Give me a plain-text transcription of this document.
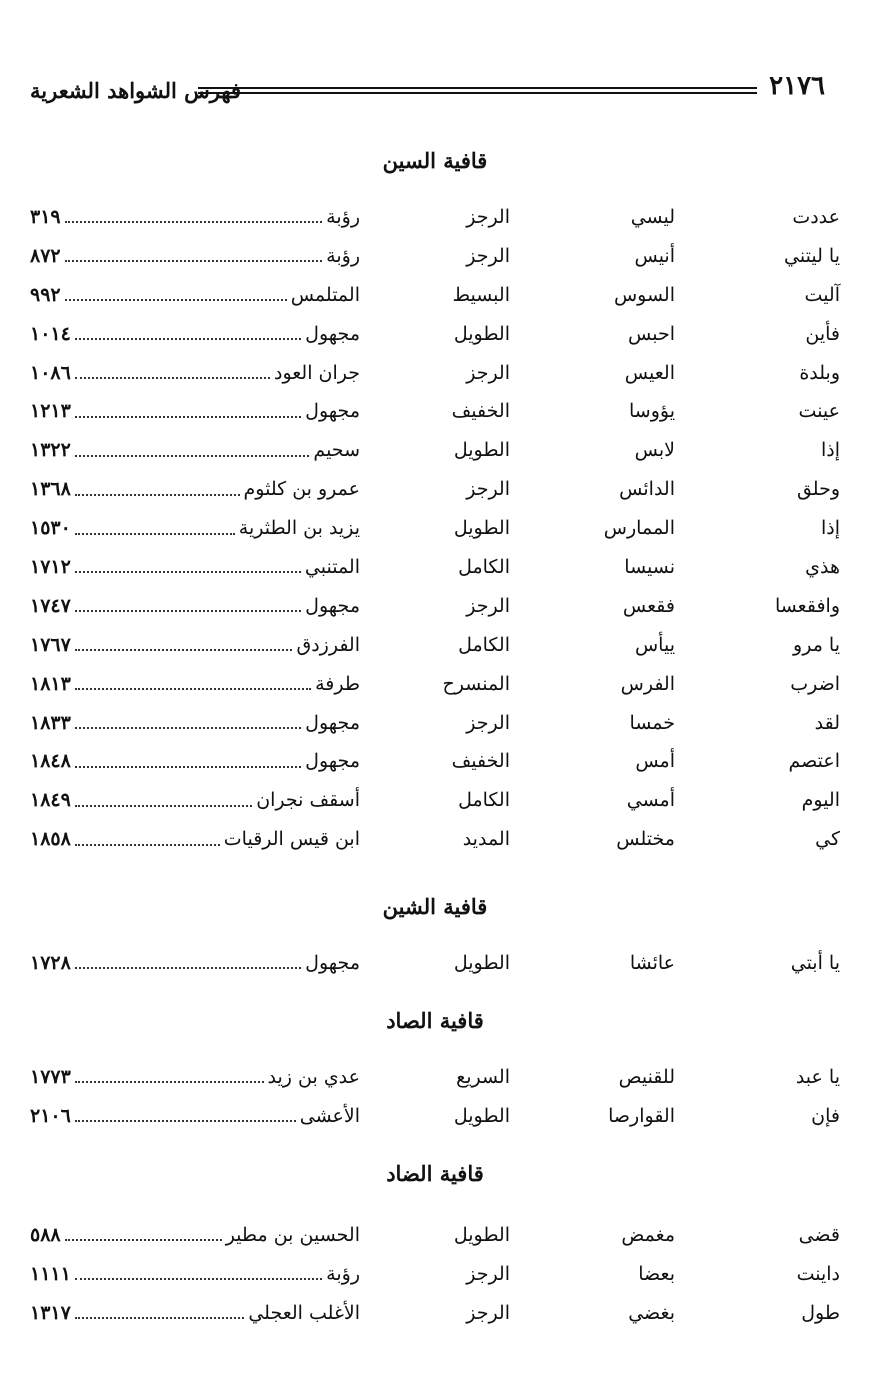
٢١٧٦
فهرس الشواهد الشعرية
قافية السين
عددت
ليسي
الرجز
رؤبة
٣١٩
يا ليتني
أنيس
الرجز
رؤبة
٨٧٢
آليت
السوس
البسيط
المتلمس
٩٩٢
فأين
احبس
الطويل
مجهول
١٠١٤
وبلدة
العيس
الرجز
جران العود
١٠٨٦
عينت
يؤوسا
الخفيف
مجهول
١٢١٣
إذا
لابس
الطويل
سحيم
١٣٢٢
وحلق
الدائس
الرجز
عمرو بن كلثوم
١٣٦٨
إذا
الممارس
الطويل
يزيد بن الطثرية
١٥٣٠
هذي
نسيسا
الكامل
المتنبي
١٧١٢
وافقعسا
فقعس
الرجز
مجهول
١٧٤٧
يا مرو
ييأس
الكامل
الفرزدق
١٧٦٧
اضرب
الفرس
المنسرح
طرفة
١٨١٣
لقد
خمسا
الرجز
مجهول
١٨٣٣
اعتصم
أمس
الخفيف
مجهول
١٨٤٨
اليوم
أمسي
الكامل
أسقف نجران
١٨٤٩
كي
مختلس
المديد
ابن قيس الرقيات
١٨٥٨
قافية الشين
يا أبتي
عائشا
الطويل
مجهول
١٧٢٨
قافية الصاد
يا عبد
للقنيص
السريع
عدي بن زيد
١٧٧٣
فإن
القوارصا
الطويل
الأعشى
٢١٠٦
قافية الضاد
قضى
مغمض
الطويل
الحسين بن مطير
٥٨٨
داينت
بعضا
الرجز
رؤبة
١١١١
طول
بغضي
الرجز
الأغلب العجلي
١٣١٧
